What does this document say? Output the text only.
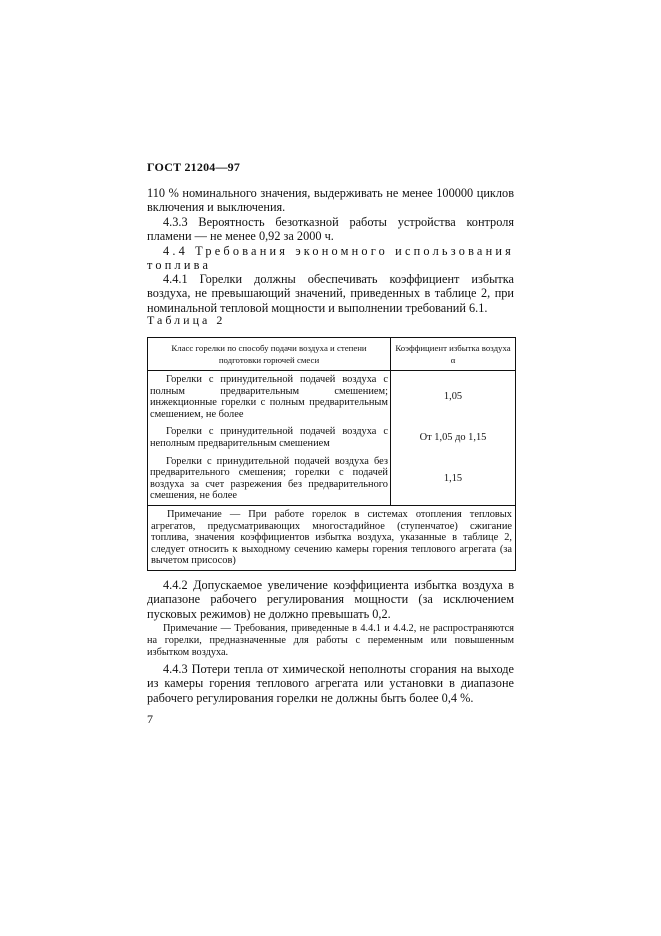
ГОСТ 21204—97
110 % номинального значения, выдерживать не менее 100000 циклов включения и выключения.
4.3.3 Вероятность безотказной работы устройства контроля пламени — не менее 0,92 за 2000 ч.
4.4 Требования экономного использования топлива
4.4.1 Горелки должны обеспечивать коэффициент избытка воздуха, не превышающий значений, приведенных в таблице 2, при номинальной тепловой мощности и выполнении требований 6.1.
Таблица 2
Класс горелки по способу подачи воздуха и степени подготовки горючей смеси	Коэффициент избытка воздуха α
Горелки с принудительной подачей воздуха с полным предварительным смешением; инжекционные горелки с полным предварительным смешением, не более	1,05
Горелки с принудительной подачей воздуха с неполным предварительным смешением	От 1,05 до 1,15
Горелки с принудительной подачей воздуха без предварительного смешения; горелки с подачей воздуха за счет разрежения без предварительного смешения, не более	1,15
Примечание — При работе горелок в системах отопления тепловых агрегатов, предусматривающих многостадийное (ступенчатое) сжигание топлива, значения коэффициентов избытка воздуха, указанные в таблице 2, следует относить к выходному сечению камеры горения теплового агрегата (за вычетом присосов)	
4.4.2 Допускаемое увеличение коэффициента избытка воздуха в диапазоне рабочего регулирования мощности (за исключением пусковых режимов) не должно превышать 0,2.
Примечание — Требования, приведенные в 4.4.1 и 4.4.2, не распространяются на горелки, предназначенные для работы с переменным или повышенным избытком воздуха.
4.4.3 Потери тепла от химической неполноты сгорания на выходе из камеры горения теплового агрегата или установки в диапазоне рабочего регулирования горелки не должны быть более 0,4 %.
7
